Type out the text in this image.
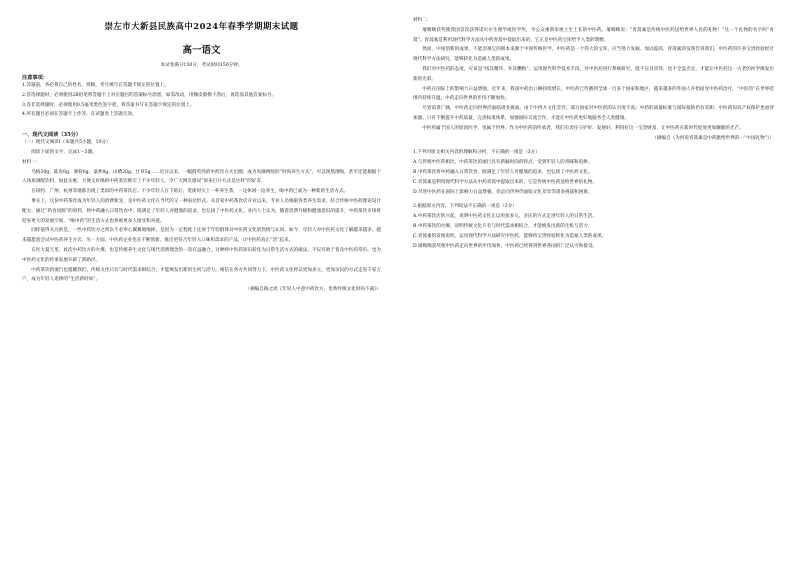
崇左市大新县民族高中2024年春季学期期末试题
高一语文
本试卷满分150分，考试时间150分钟。
注意事项：

1.答题前，务必将自己的姓名、班级、考号填写在答题卡规定的位置上。

2.答选择题时，必须使用2B铅笔将答题卡上对应题目的答案标号涂黑，如需改动，用橡皮擦擦干净后，再选涂其他答案标号。

3.答非选择题时，必须使用0.5毫米黑色签字笔，将答案书写在答题卡规定的位置上。

4.所有题目必须在答题卡上作答，在试题卷上答题无效。

一、现代文阅读（35分）

（一）现代文阅读Ⅰ（本题共5小题，19分）

阅读下面的文字，完成1～5题。

材料一：

乌梅30g、陈皮6g、薄荷6g、桑葚8g、山楂20g、甘草5g……近日以来，一幅群英汤的中药饮方火出圈，成为风靡网络的“时尚养生方式”，可以现熬现喝，甚至还能根据个人体质调配饮料，如此实惠、方便又好喝的中药茶饮吸引了不少年轻人，令广大网友感叹“原来打开方式是这样”的好奇。

在纽约、广州、杭州等地都出现了类似的中药茶饮店。不少年轻人在下班后、逛街时买上一杯养生茶，一边休闲一边养生，喝中药已成为一种新的生活方式。

事实上，这份中药茶饮成为年轻人的消费新宠，是中医药文化在当代的又一种表达形式。从首家中药茶饮店开业以来，专业人员根据各类养生需求，结合传统中医药理论设计配方，通过“药食同源”的原料，将中药融入日常饮食中，既满足了年轻人对健康的追求，也弘扬了中医药文化。业内人士认为，随着消费升级和健康意识的提升，中药茶饮市场将迎来更大的发展空间，“喝中药”的生活方式也将被更多人接受和喜爱。

同样值得关注的是，一些中药饮方之所以不必奉心翼翼地喝掉，是因为一定程度上还原于年轻群体对中医药文化的热情与认同。如今，年轻人对中医药文化了解越来越多，越来越愿意尝试中医药养生方式；另一方面，中医药企业也在不断创新，推出更符合年轻人口味和需求的产品，让中医药真正“活”起来。

在医大夏天里，此次中药饮方的火爆，也是传统养生文化与现代消费理念的一次有益融合。这种将中医药知识转化为日常生活方式的做法，不仅有助于普及中医药常识，也为中医药文化的传承发展开辟了新路径。

中药茶饮的流行也提醒我们，传统文化只有与时代需求相结合，才能焕发出新的生机与活力。相信在各方共同努力下，中医药文化将以更加多元、更加亲民的方式走进千家万户，成为年轻人追捧的“生活新时尚”。

（摘编自路之瑶《年轻人中意中药饮方，优秀传统文化时尚不减》）

材料二：

屠呦呦获奖使我国首次获得诺贝尔生理学或医学奖，令公众重新审视土生土长的中医药。屠呦呦说：“青蒿素是传统中医药送给世界人民的礼物！”这一个礼物的名字叫“青蒿”。青蒿素是利用现代科学方法从中药青蒿中提取出来的，它正是中医药宝库给予人类的馈赠。

然而，中国创新的成果，不能忽视它的根本来源于中国传统医学。中医药是一个伟大的宝库，应当努力发掘，加以提高。青蒿素的发现告诉我们，中医药的许多宝贵经验经过现代科学方法研究，能够转化为造福人类的成果。

我们对中医药的态度，应该是“扬其精华、弃其糟粕”。运用现代科学技术手段，对中医药进行系统研究，既不盲目崇拜，也不全盘否定，才能让中医药这一古老的医学焕发出新的光彩。

中药在国际上的影响力日益增强。近年来，我国中药出口额持续增长，中医药已传播到全球一百多个国家和地区，越来越多的外国人开始接受中医药治疗。“中医热”在世界范围内持续升温，中药走向世界的步伐不断加快。

尽管前景广阔，中医药走向世界仍面临诸多挑战。由于中西方文化差异，部分国家对中医药的认可度不高；中药的质量标准与国际接轨仍有差距；中医药知识产权保护也亟待加强。只有不断提升中药质量，完善标准体系，加强国际交流合作，才能让中医药更好地服务全人类健康。

中医药属于国人的原创医学，也属于世界。作为中医药的传承者，我们有责任守护好、发展好、利用好这一宝贵财富，让中医药在新时代绽放更加耀眼的光芒。

（摘编自《为何说青蒿素是中药献给世界的一“中国礼物”》）

1.下列对原文相关内容的理解和分析，不正确的一项是（3分）

A.与传统中医药相比，中药茶饮的流行具有新颖时尚的特点，受到年轻人的青睐和追捧。

B.中药茶饮将中药融入日常饮食，既满足了年轻人对健康的追求，也弘扬了中医药文化。

C.青蒿素是利用现代科学方法从中药青蒿中提取出来的，它是传统中医药送给世界的礼物。

D.尽管中医药在国际上影响力日益增强，但走向世界仍面临文化差异等诸多挑战和困难。

2.根据原文内容，下列说法不正确的一项是（3分）

A.中药茶饮店的兴起，说明中医药文化正以更加多元、亲民的方式走进年轻人的日常生活。

B.中药茶饮的火爆，说明传统文化只有与时代需求相结合，才能焕发出新的生机与活力。

C.青蒿素的发现说明，运用现代科学方法研究中医药，能够将宝贵经验转化为造福人类的成果。

D.屠呦呦获奖使中医药走向世界的步伐加快，中医药已经得到世界各国的广泛认可和接受。
